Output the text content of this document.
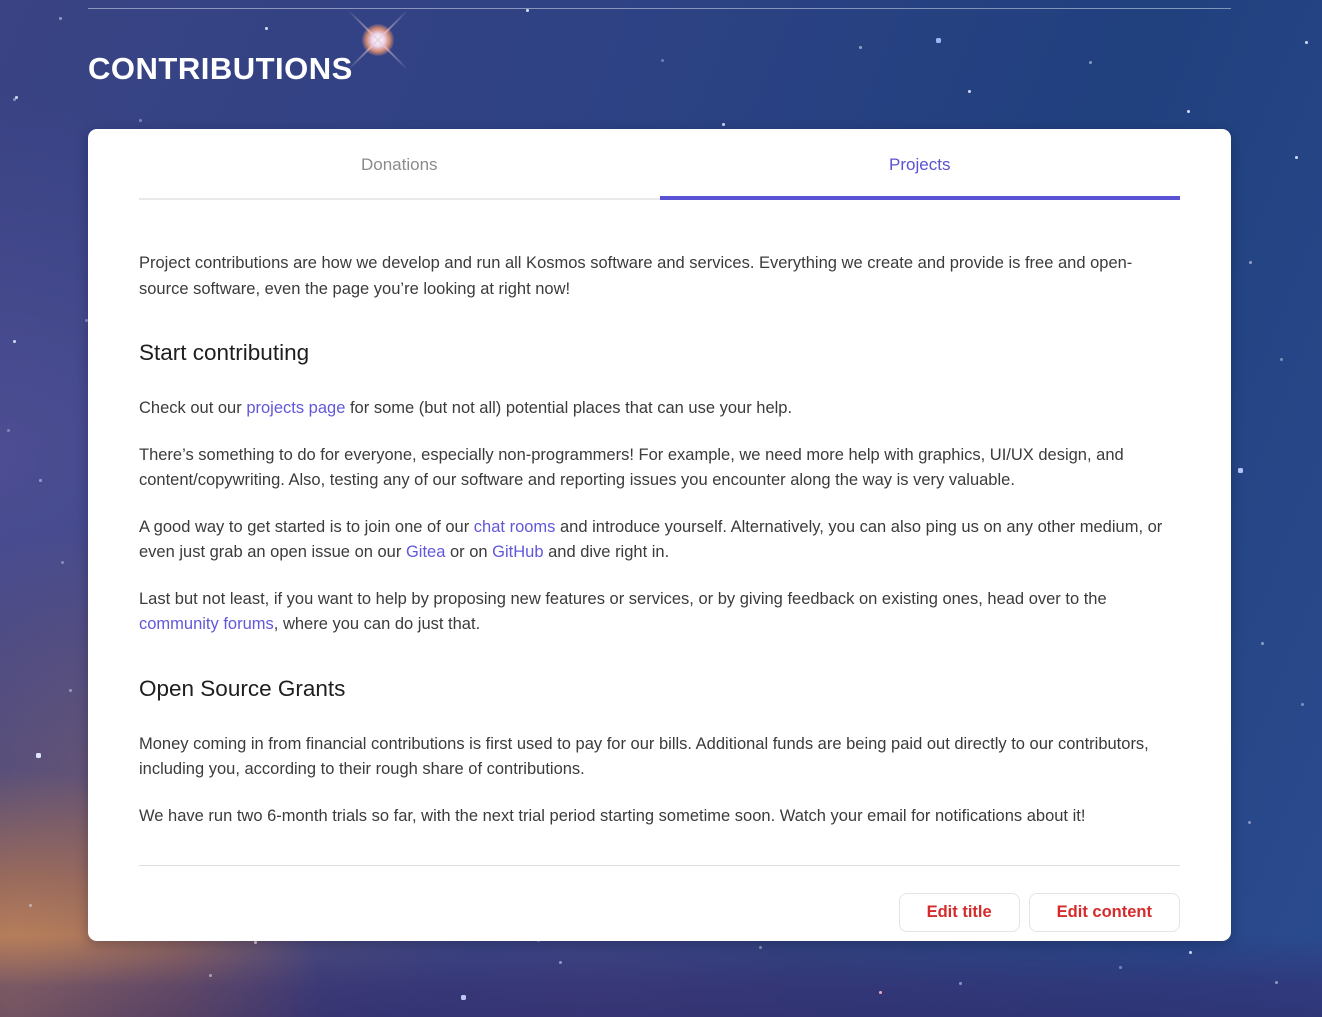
CONTRIBUTIONS
Donations	Projects

Project contributions are how we develop and run all Kosmos software and services. Everything we create and provide is free and open-source software, even the page you’re looking at right now!

Start contributing

Check out our projects page for some (but not all) potential places that can use your help.

There’s something to do for everyone, especially non-programmers! For example, we need more help with graphics, UI/UX design, and content/copywriting. Also, testing any of our software and reporting issues you encounter along the way is very valuable.

A good way to get started is to join one of our chat rooms and introduce yourself. Alternatively, you can also ping us on any other medium, or even just grab an open issue on our Gitea or on GitHub and dive right in.

Last but not least, if you want to help by proposing new features or services, or by giving feedback on existing ones, head over to the community forums, where you can do just that.

Open Source Grants

Money coming in from financial contributions is first used to pay for our bills. Additional funds are being paid out directly to our contributors, including you, according to their rough share of contributions.

We have run two 6-month trials so far, with the next trial period starting sometime soon. Watch your email for notifications about it!

Edit title	Edit content
